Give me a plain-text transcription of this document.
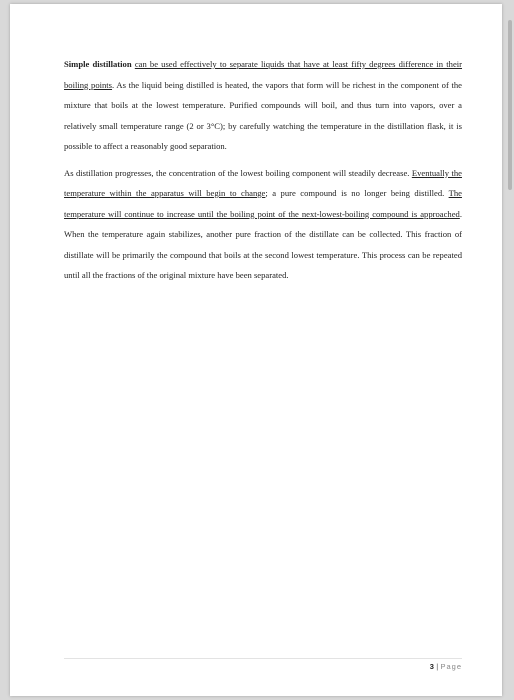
Simple distillation can be used effectively to separate liquids that have at least fifty degrees difference in their boiling points. As the liquid being distilled is heated, the vapors that form will be richest in the component of the mixture that boils at the lowest temperature. Purified compounds will boil, and thus turn into vapors, over a relatively small temperature range (2 or 3°C); by carefully watching the temperature in the distillation flask, it is possible to affect a reasonably good separation.

As distillation progresses, the concentration of the lowest boiling component will steadily decrease. Eventually the temperature within the apparatus will begin to change; a pure compound is no longer being distilled. The temperature will continue to increase until the boiling point of the next-lowest-boiling compound is approached. When the temperature again stabilizes, another pure fraction of the distillate can be collected. This fraction of distillate will be primarily the compound that boils at the second lowest temperature. This process can be repeated until all the fractions of the original mixture have been separated.

3 | Page
